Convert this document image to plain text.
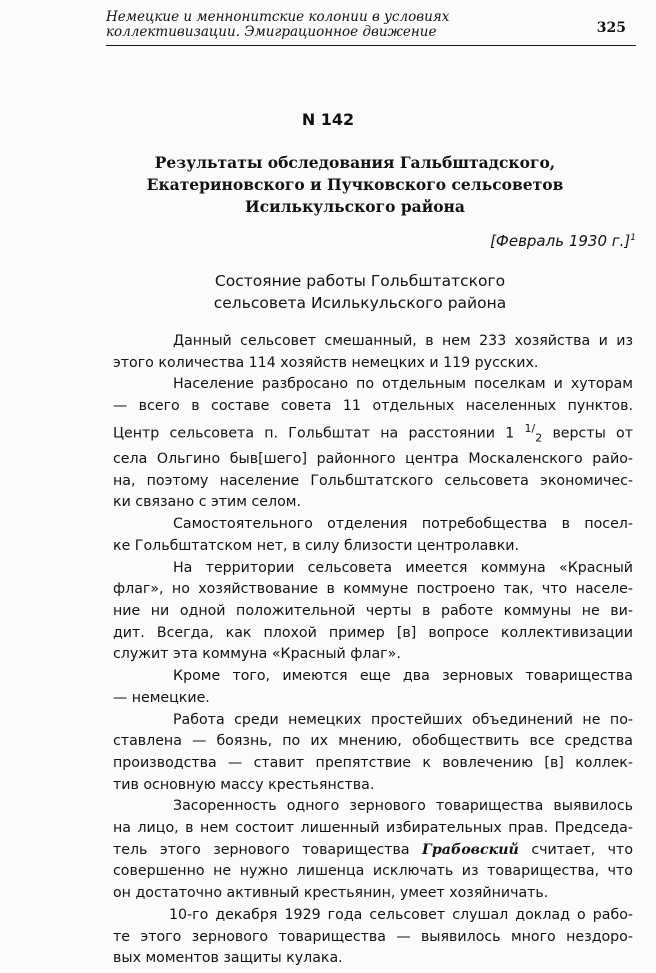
Немецкие и меннонитские колонии в условиях
коллективизации. Эмиграционное движение	325
N 142
Результаты обследования Гальбштадского,
Екатериновского и Пучковского сельсоветов
Исилькульского района
[Февраль 1930 г.]$^1$
Состояние работы Гольбштатского
сельсовета Исилькульского района
Данный сельсовет смешанный, в нем 233 хозяйства и из
этого количества 114 хозяйств немецких и 119 русских.
Население разбросано по отдельным поселкам и хуторам
— всего в составе совета 11 отдельных населенных пунктов.
Центр сельсовета п. Гольбштат на расстоянии 1 $^{1/}_2$ версты от
села Ольгино быв[шего] районного центра Москаленского райо-
на, поэтому население Гольбштатского сельсовета экономичес-
ки связано с этим селом.
Самостоятельного отделения потребобщества в посел-
ке Гольбштатском нет, в силу близости центролавки.
На территории сельсовета имеется коммуна «Красный
флаг», но хозяйствование в коммуне построено так, что населе-
ние ни одной положительной черты в работе коммуны не ви-
дит. Всегда, как плохой пример [в] вопросе коллективизации
служит эта коммуна «Красный флаг».
Кроме того, имеются еще два зерновых товарищества
— немецкие.
Работа среди немецких простейших объединений не по-
ставлена — боязнь, по их мнению, обобществить все средства
производства — ставит препятствие к вовлечению [в] коллек-
тив основную массу крестьянства.
Засоренность одного зернового товарищества выявилось
на лицо, в нем состоит лишенный избирательных прав. Председа-
тель этого зернового товарищества Грабовский считает, что
совершенно не нужно лишенца исключать из товарищества, что
он достаточно активный крестьянин, умеет хозяйничать.
10-го декабря 1929 года сельсовет слушал доклад о рабо-
те этого зернового товарищества — выявилось много нездоро-
вых моментов защиты кулака.
